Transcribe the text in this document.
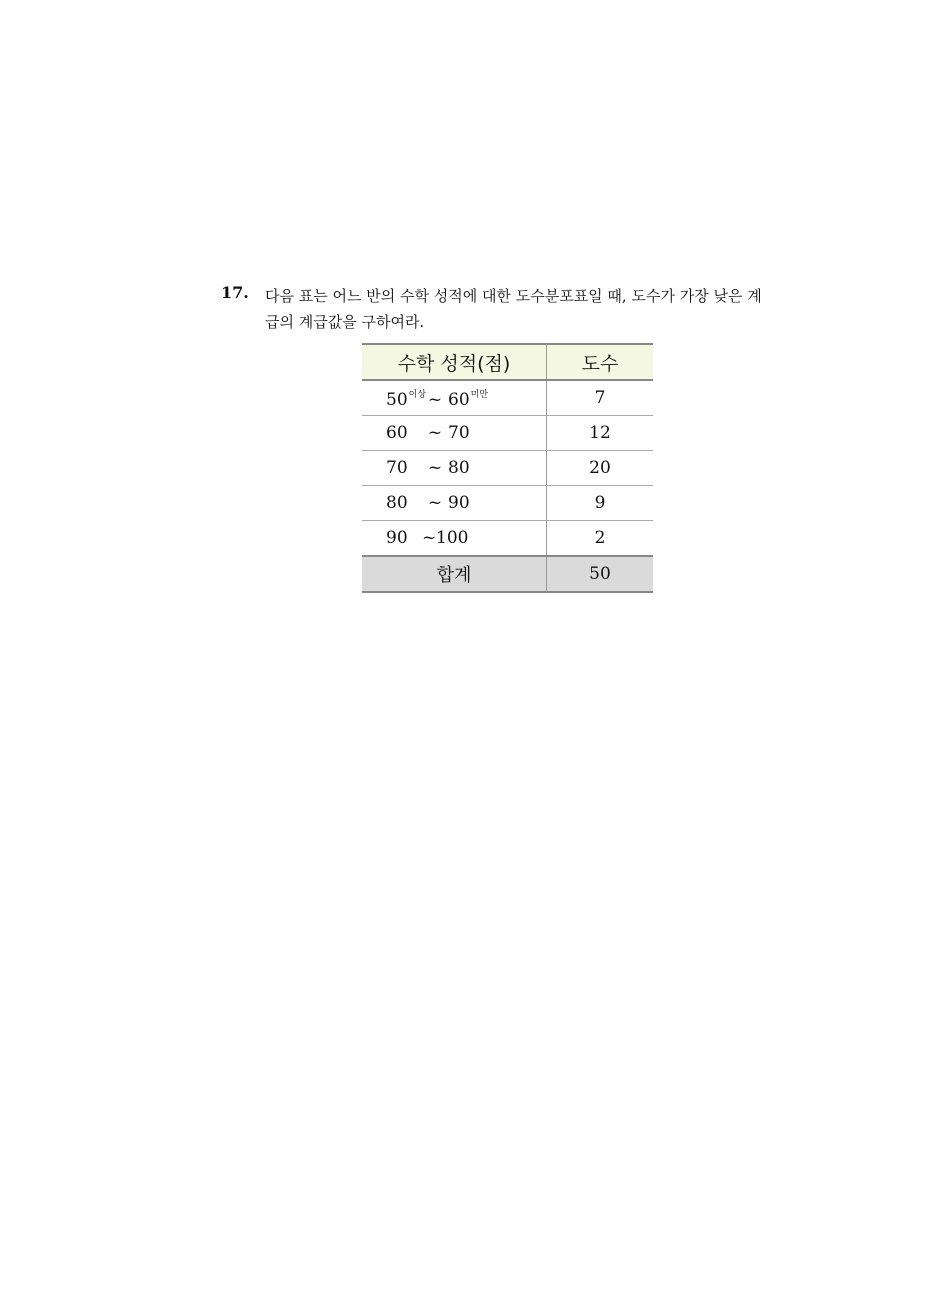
17. 다음 표는 어느 반의 수학 성적에 대한 도수분포표일 때, 도수가 가장 낮은 계급의 계급값을 구하여라.
수학 성적(점)	도수
$50^{이상}$ ~ $60^{미만}$	7
60 ~ 70	12
70 ~ 80	20
80 ~ 90	9
90 ~100	2
합계	50
